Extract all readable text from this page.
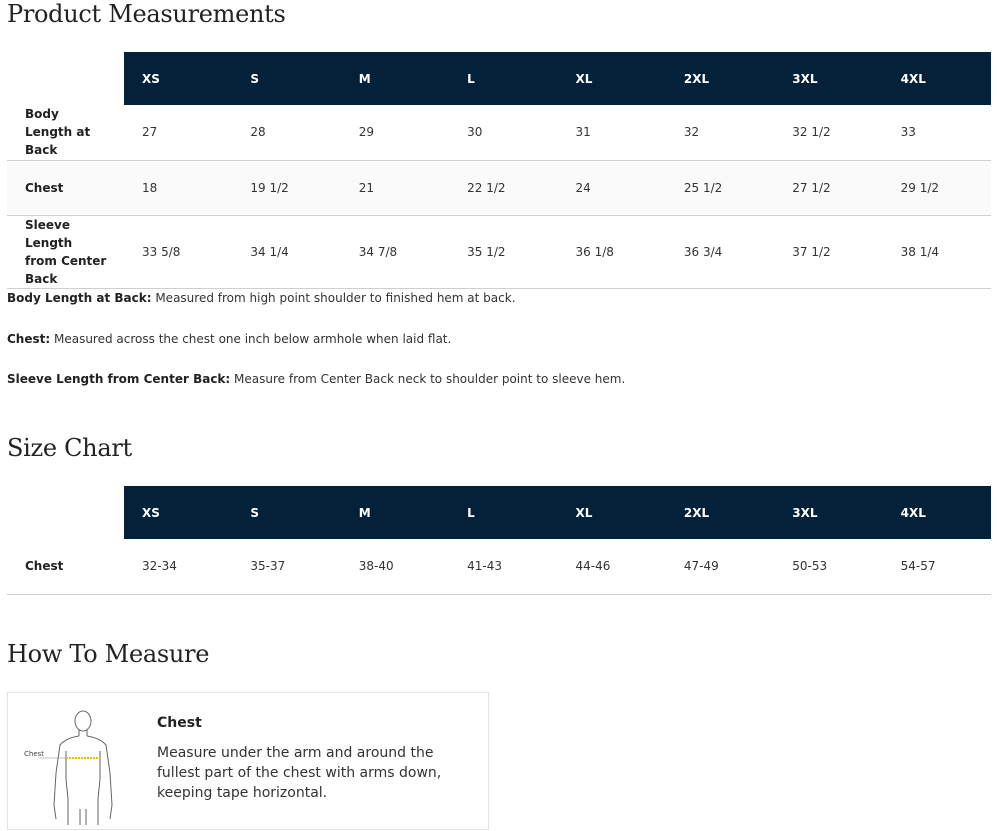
Product Measurements
	XS	S	M	L	XL	2XL	3XL	4XL

Body Length at Back	27	28	29	30	31	32	32 1/2	33
Chest	18	19 1/2	21	22 1/2	24	25 1/2	27 1/2	29 1/2

Sleeve Length from Center Back	33 5/8	34 1/4	34 7/8	35 1/2	36 1/8	36 3/4	37 1/2	38 1/4

Body Length at Back: Measured from high point shoulder to finished hem at back.

Chest: Measured across the chest one inch below armhole when laid flat.

Sleeve Length from Center Back: Measure from Center Back neck to shoulder point to sleeve hem.

Size Chart
	XS	S	M	L	XL	2XL	3XL	4XL
Chest	32-34	35-37	38-40	41-43	44-46	47-49	50-53	54-57
How To Measure
Chest
Chest
Measure under the arm and around the fullest part of the chest with arms down, keeping tape horizontal.
